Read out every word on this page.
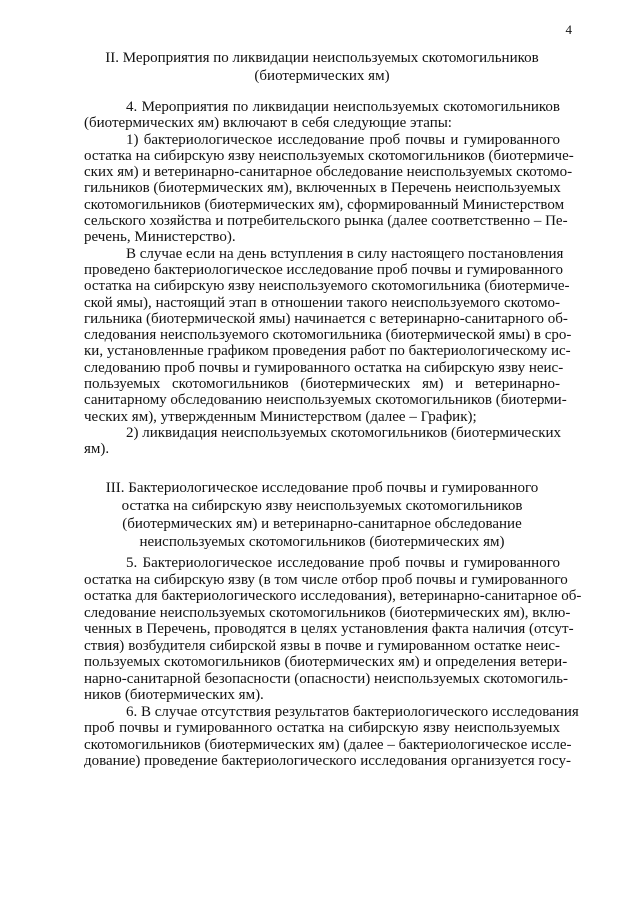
4
II. Мероприятия по ликвидации неиспользуемых скотомогильников
(биотермических ям)
4. Мероприятия по ликвидации неиспользуемых скотомогильников
(биотермических ям) включают в себя следующие этапы:
1) бактериологическое исследование проб почвы и гумированного
остатка на сибирскую язву неиспользуемых скотомогильников (биотермиче-
ских ям) и ветеринарно-санитарное обследование неиспользуемых скотомо-
гильников (биотермических ям), включенных в Перечень неиспользуемых
скотомогильников (биотермических ям), сформированный Министерством
сельского хозяйства и потребительского рынка (далее соответственно – Пе-
речень, Министерство).
В случае если на день вступления в силу настоящего постановления
проведено бактериологическое исследование проб почвы и гумированного
остатка на сибирскую язву неиспользуемого скотомогильника (биотермиче-
ской ямы), настоящий этап в отношении такого неиспользуемого скотомо-
гильника (биотермической ямы) начинается с ветеринарно-санитарного об-
следования неиспользуемого скотомогильника (биотермической ямы) в сро-
ки, установленные графиком проведения работ по бактериологическому ис-
следованию проб почвы и гумированного остатка на сибирскую язву неис-
пользуемых скотомогильников (биотермических ям) и ветеринарно-
санитарному обследованию неиспользуемых скотомогильников (биотерми-
ческих ям), утвержденным Министерством (далее – График);
2) ликвидация неиспользуемых скотомогильников (биотермических
ям).
III. Бактериологическое исследование проб почвы и гумированного
остатка на сибирскую язву неиспользуемых скотомогильников
(биотермических ям) и ветеринарно-санитарное обследование
неиспользуемых скотомогильников (биотермических ям)
5. Бактериологическое исследование проб почвы и гумированного
остатка на сибирскую язву (в том числе отбор проб почвы и гумированного
остатка для бактериологического исследования), ветеринарно-санитарное об-
следование неиспользуемых скотомогильников (биотермических ям), вклю-
ченных в Перечень, проводятся в целях установления факта наличия (отсут-
ствия) возбудителя сибирской язвы в почве и гумированном остатке неис-
пользуемых скотомогильников (биотермических ям) и определения ветери-
нарно-санитарной безопасности (опасности) неиспользуемых скотомогиль-
ников (биотермических ям).
6. В случае отсутствия результатов бактериологического исследования
проб почвы и гумированного остатка на сибирскую язву неиспользуемых
скотомогильников (биотермических ям) (далее – бактериологическое иссле-
дование) проведение бактериологического исследования организуется госу-
